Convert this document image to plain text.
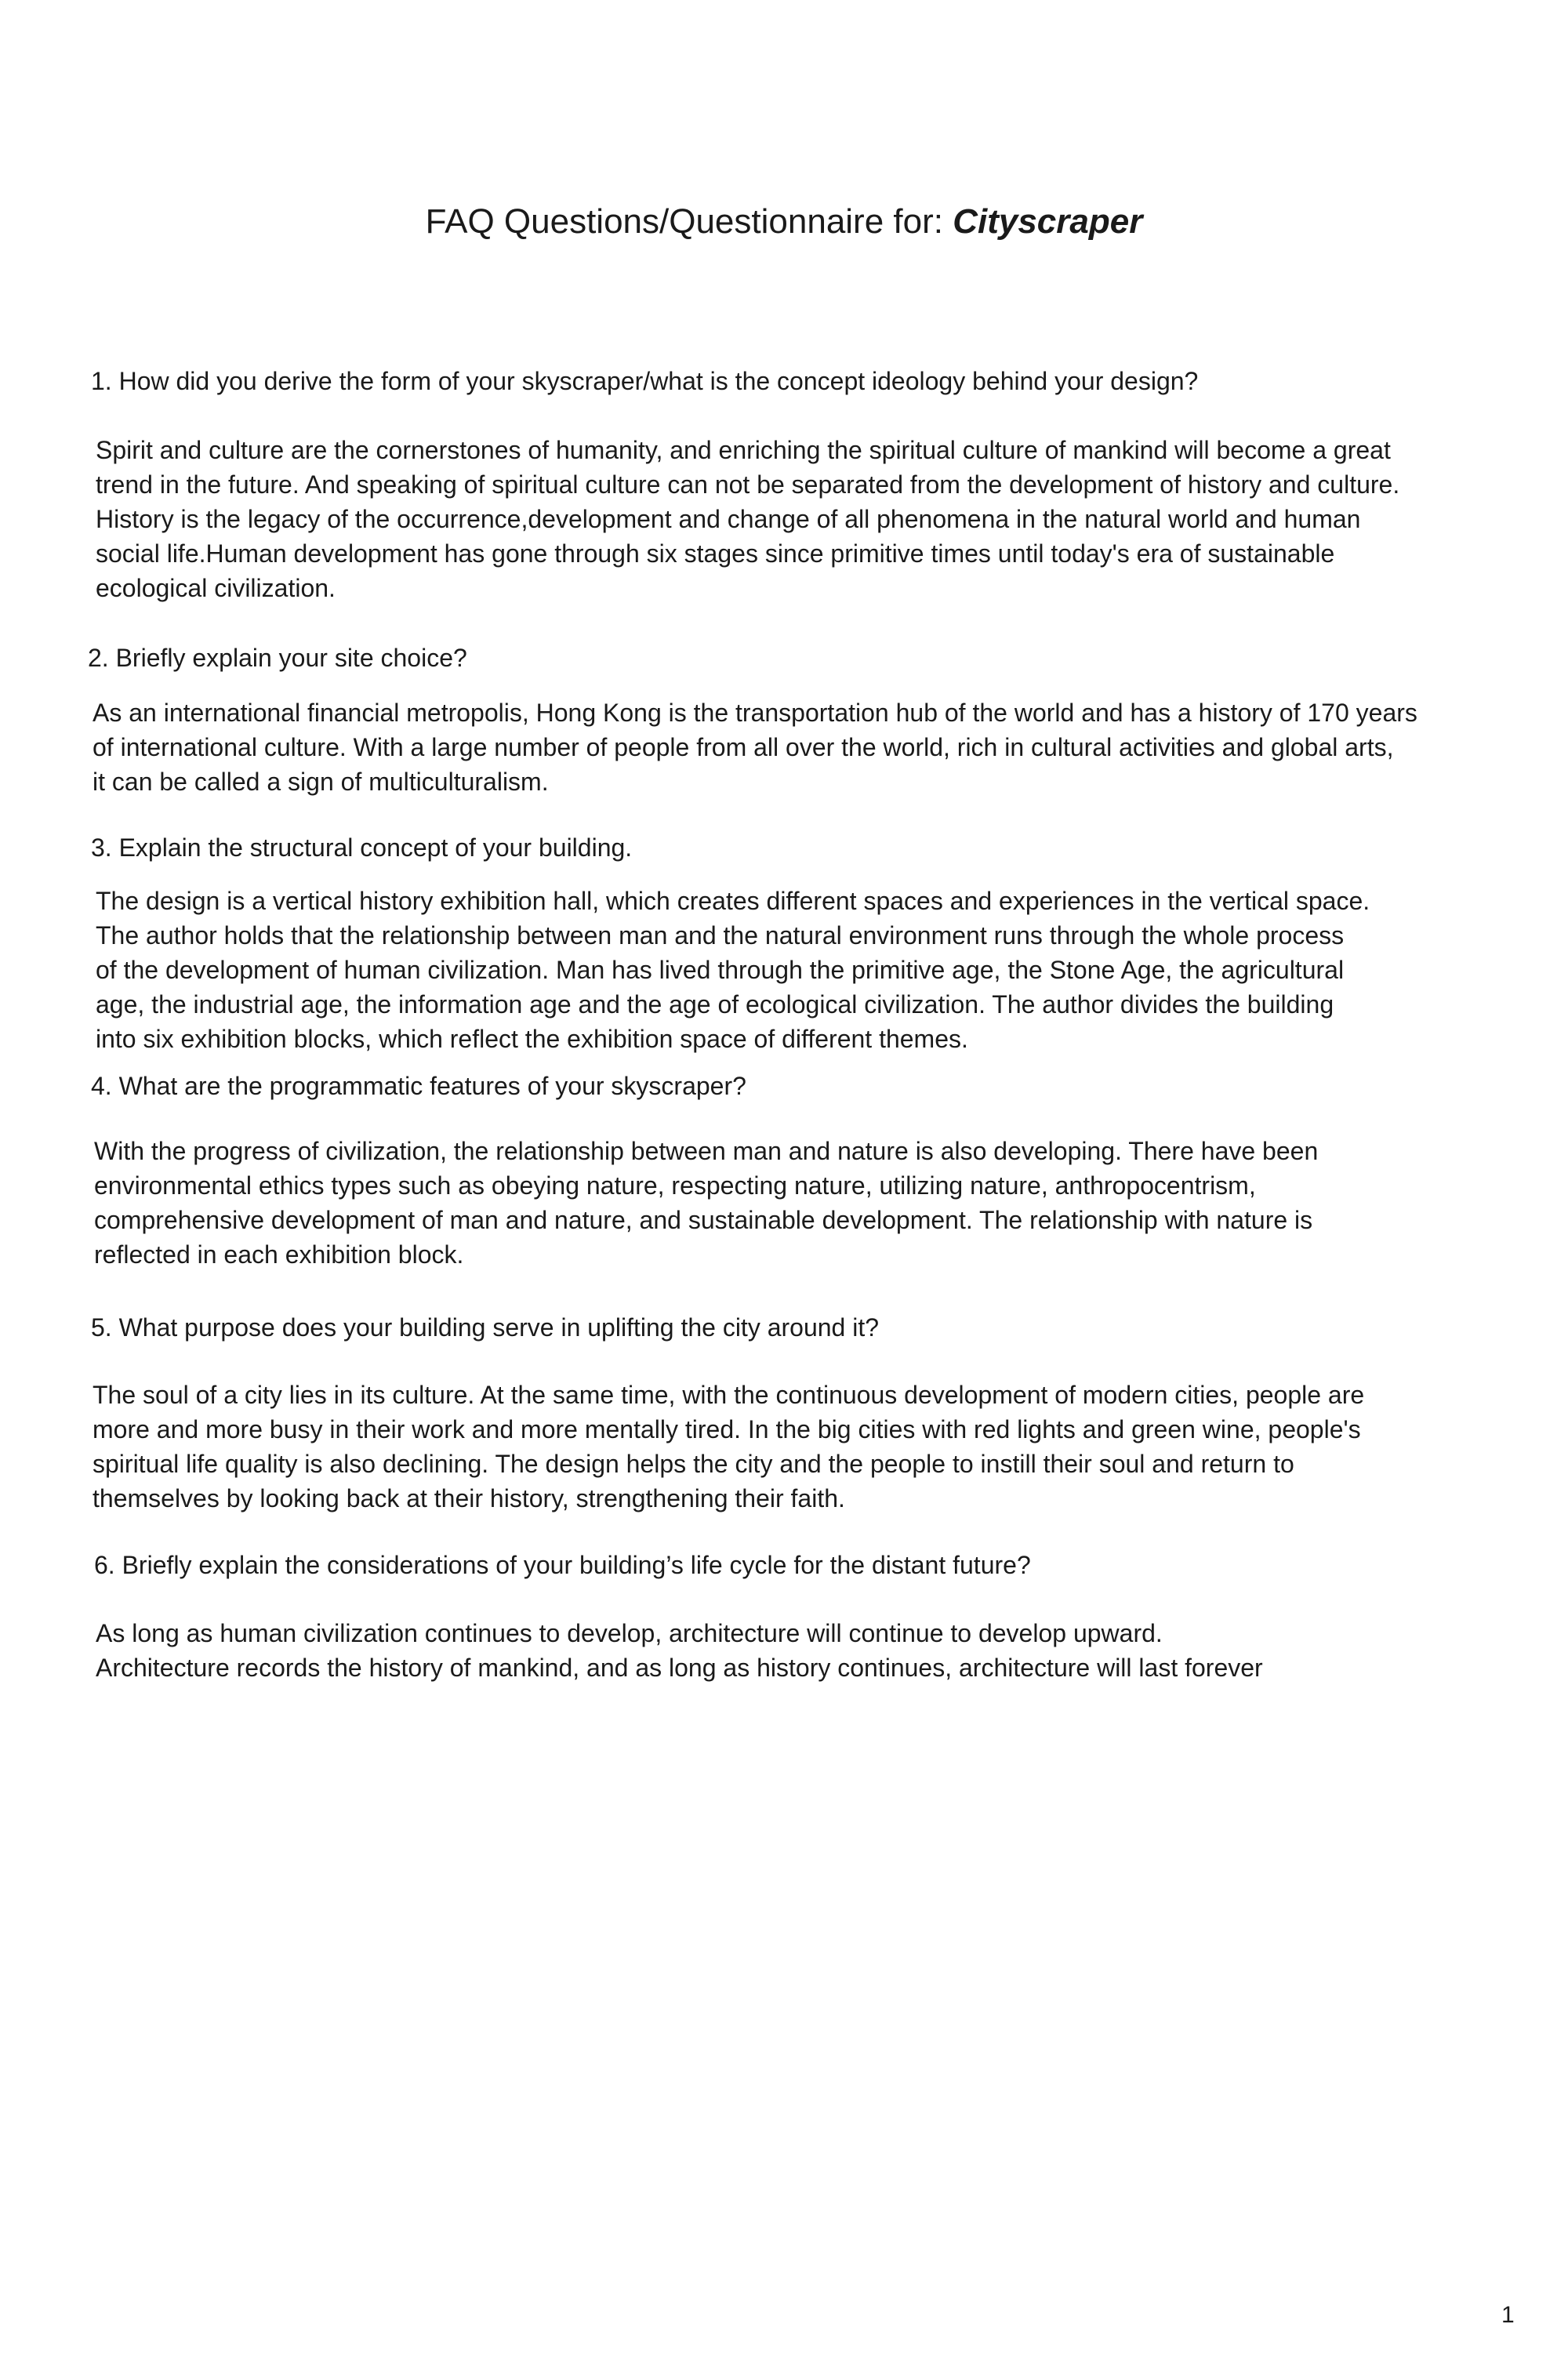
FAQ Questions/Questionnaire for: Cityscraper
1. How did you derive the form of your skyscraper/what is the concept ideology behind your design?
Spirit and culture are the cornerstones of humanity, and enriching the spiritual culture of mankind will become a great
trend in the future. And speaking of spiritual culture can not be separated from the development of history and culture.
History is the legacy of the occurrence,development and change of all phenomena in the natural world and human
social life.Human development has gone through six stages since primitive times until today's era of sustainable
ecological civilization.
2. Briefly explain your site choice?
As an international financial metropolis, Hong Kong is the transportation hub of the world and has a history of 170 years
of international culture. With a large number of people from all over the world, rich in cultural activities and global arts,
it can be called a sign of multiculturalism.
3. Explain the structural concept of your building.
The design is a vertical history exhibition hall, which creates different spaces and experiences in the vertical space.
The author holds that the relationship between man and the natural environment runs through the whole process
of the development of human civilization. Man has lived through the primitive age, the Stone Age, the agricultural
age, the industrial age, the information age and the age of ecological civilization. The author divides the building
into six exhibition blocks, which reflect the exhibition space of different themes.
4. What are the programmatic features of your skyscraper?
With the progress of civilization, the relationship between man and nature is also developing. There have been
environmental ethics types such as obeying nature, respecting nature, utilizing nature, anthropocentrism,
comprehensive development of man and nature, and sustainable development. The relationship with nature is
reflected in each exhibition block.
5. What purpose does your building serve in uplifting the city around it?
The soul of a city lies in its culture. At the same time, with the continuous development of modern cities, people are
more and more busy in their work and more mentally tired. In the big cities with red lights and green wine, people's
spiritual life quality is also declining. The design helps the city and the people to instill their soul and return to
themselves by looking back at their history, strengthening their faith.
6. Briefly explain the considerations of your building’s life cycle for the distant future?
As long as human civilization continues to develop, architecture will continue to develop upward.
Architecture records the history of mankind, and as long as history continues, architecture will last forever
1
